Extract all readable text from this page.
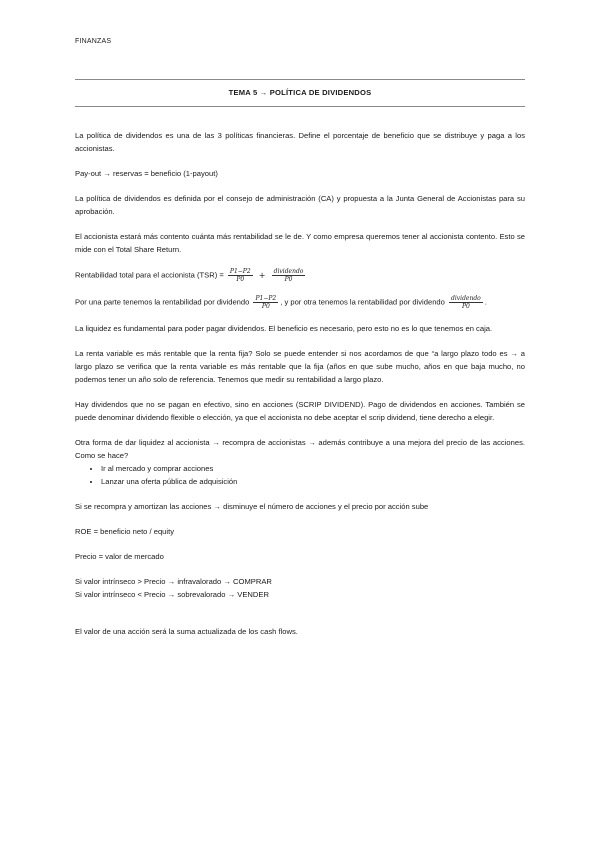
FINANZAS
TEMA 5 → POLÍTICA DE DIVIDENDOS

La política de dividendos es una de las 3 políticas financieras. Define el porcentaje de beneficio que se distribuye y paga a los accionistas.

Pay-out → reservas = beneficio (1-payout)

La política de dividendos es definida por el consejo de administración (CA) y propuesta a la Junta General de Accionistas para su aprobación.

El accionista estará más contento cuánta más rentabilidad se le de. Y como empresa queremos tener al accionista contento. Esto se mide con el Total Share Return.

Rentabilidad total para el accionista $(TSR) = \frac{P1-P2}{P0} + \frac{\text{dividendo}}{P0}$

Por una parte tenemos la rentabilidad por dividendo $\frac{P1-P2}{P0}$ , y por otra tenemos la rentabilidad por dividendo $\frac{\text{dividendo}}{P0}$ .

La liquidez es fundamental para poder pagar dividendos. El beneficio es necesario, pero esto no es lo que tenemos en caja.

La renta variable es más rentable que la renta fija? Solo se puede entender si nos acordamos de que “a largo plazo todo es → a largo plazo se verifica que la renta variable es más rentable que la fija (años en que sube mucho, años en que baja mucho, no podemos tener un año solo de referencia. Tenemos que medir su rentabilidad a largo plazo.

Hay dividendos que no se pagan en efectivo, sino en acciones (SCRIP DIVIDEND). Pago de dividendos en acciones. También se puede denominar dividendo flexible o elección, ya que el accionista no debe aceptar el scrip dividend, tiene derecho a elegir.

Otra forma de dar liquidez al accionista → recompra de accionistas → además contribuye a una mejora del precio de las acciones. Como se hace?

• Ir al mercado y comprar acciones
• Lanzar una oferta pública de adquisición

Si se recompra y amortizan las acciones → disminuye el número de acciones y el precio por acción sube

ROE = beneficio neto / equity

Precio = valor de mercado

Si valor intrínseco > Precio → infravalorado → COMPRAR

Si valor intrínseco < Precio → sobrevalorado → VENDER

El valor de una acción será la suma actualizada de los cash flows.
